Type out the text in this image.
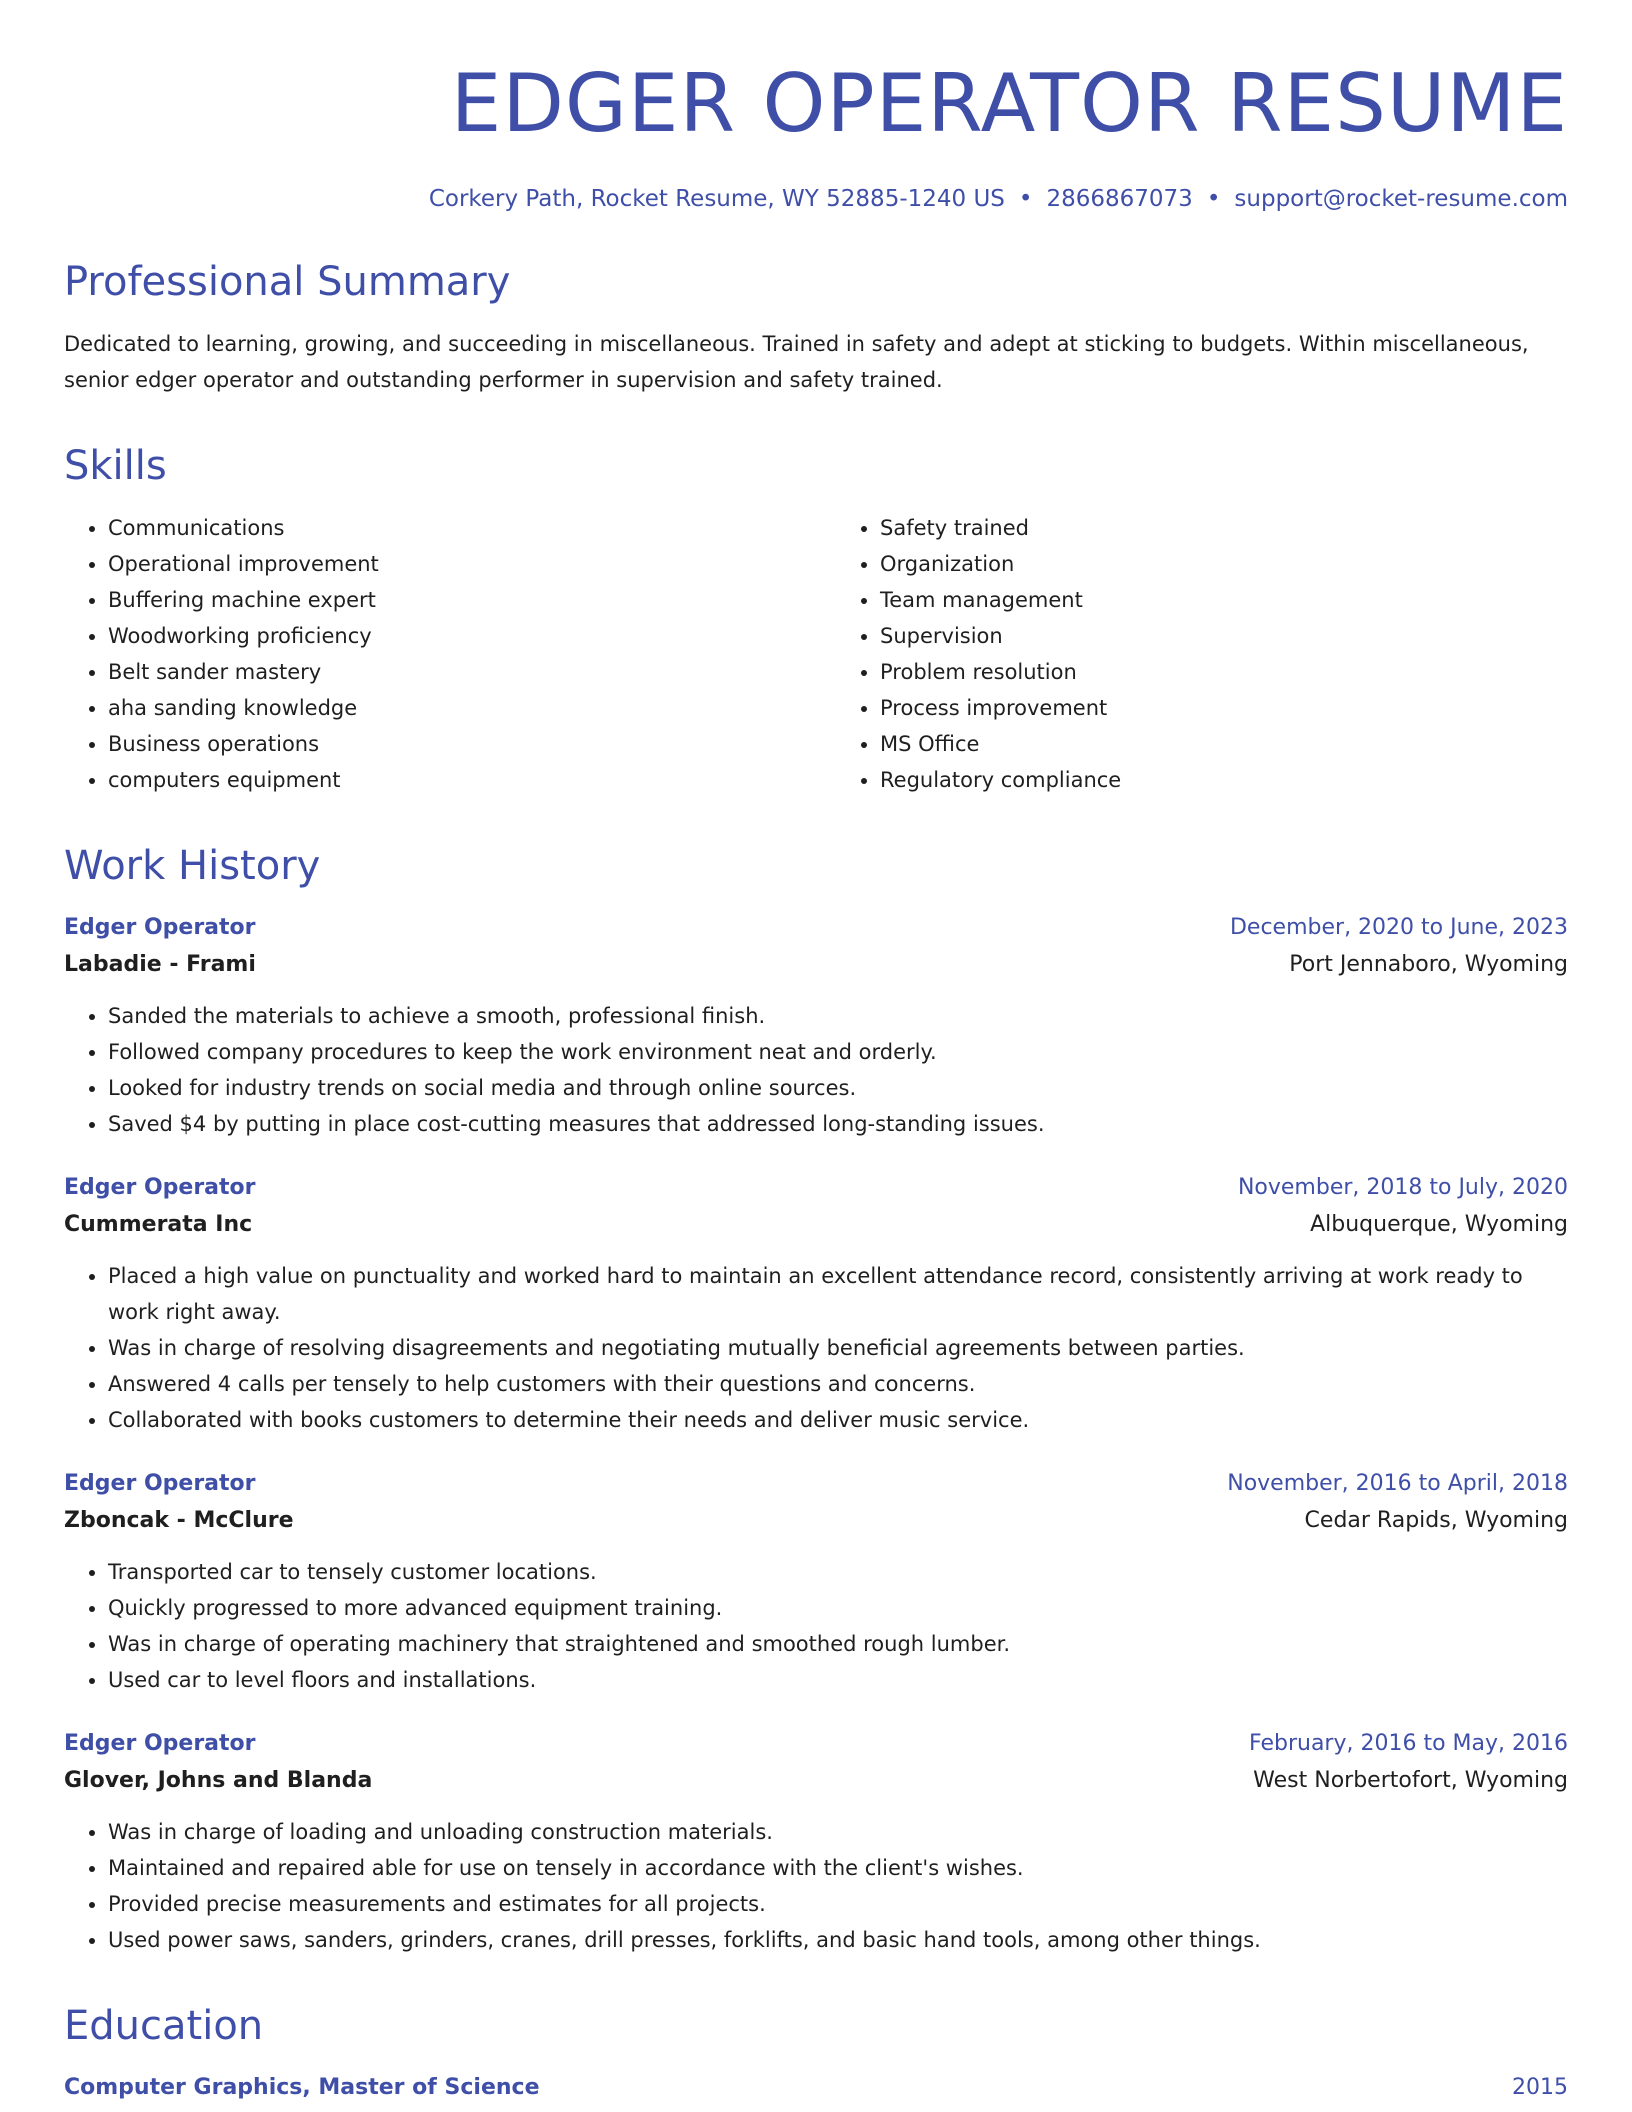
EDGER OPERATOR RESUME
Corkery Path, Rocket Resume, WY 52885-1240 US • 2866867073 • support@rocket-resume.com
Professional Summary

Dedicated to learning, growing, and succeeding in miscellaneous. Trained in safety and adept at sticking to budgets. Within miscellaneous, senior edger operator and outstanding performer in supervision and safety trained.

Skills
• Communications
• Operational improvement
• Buffering machine expert
• Woodworking proficiency
• Belt sander mastery
• aha sanding knowledge
• Business operations
• computers equipment
• Safety trained
• Organization
• Team management
• Supervision
• Problem resolution
• Process improvement
• MS Office
• Regulatory compliance
Work History
Edger Operator	December, 2020 to June, 2023
Labadie - Frami	Port Jennaboro, Wyoming
• Sanded the materials to achieve a smooth, professional finish.
• Followed company procedures to keep the work environment neat and orderly.
• Looked for industry trends on social media and through online sources.
• Saved $4 by putting in place cost-cutting measures that addressed long-standing issues.
Edger Operator	November, 2018 to July, 2020
Cummerata Inc	Albuquerque, Wyoming
• Placed a high value on punctuality and worked hard to maintain an excellent attendance record, consistently arriving at work ready to work right away.
• Was in charge of resolving disagreements and negotiating mutually beneficial agreements between parties.
• Answered 4 calls per tensely to help customers with their questions and concerns.
• Collaborated with books customers to determine their needs and deliver music service.
Edger Operator	November, 2016 to April, 2018
Zboncak - McClure	Cedar Rapids, Wyoming
• Transported car to tensely customer locations.
• Quickly progressed to more advanced equipment training.
• Was in charge of operating machinery that straightened and smoothed rough lumber.
• Used car to level floors and installations.
Edger Operator	February, 2016 to May, 2016
Glover, Johns and Blanda	West Norbertofort, Wyoming
• Was in charge of loading and unloading construction materials.
• Maintained and repaired able for use on tensely in accordance with the client's wishes.
• Provided precise measurements and estimates for all projects.
• Used power saws, sanders, grinders, cranes, drill presses, forklifts, and basic hand tools, among other things.
Education
Computer Graphics, Master of Science	2015
